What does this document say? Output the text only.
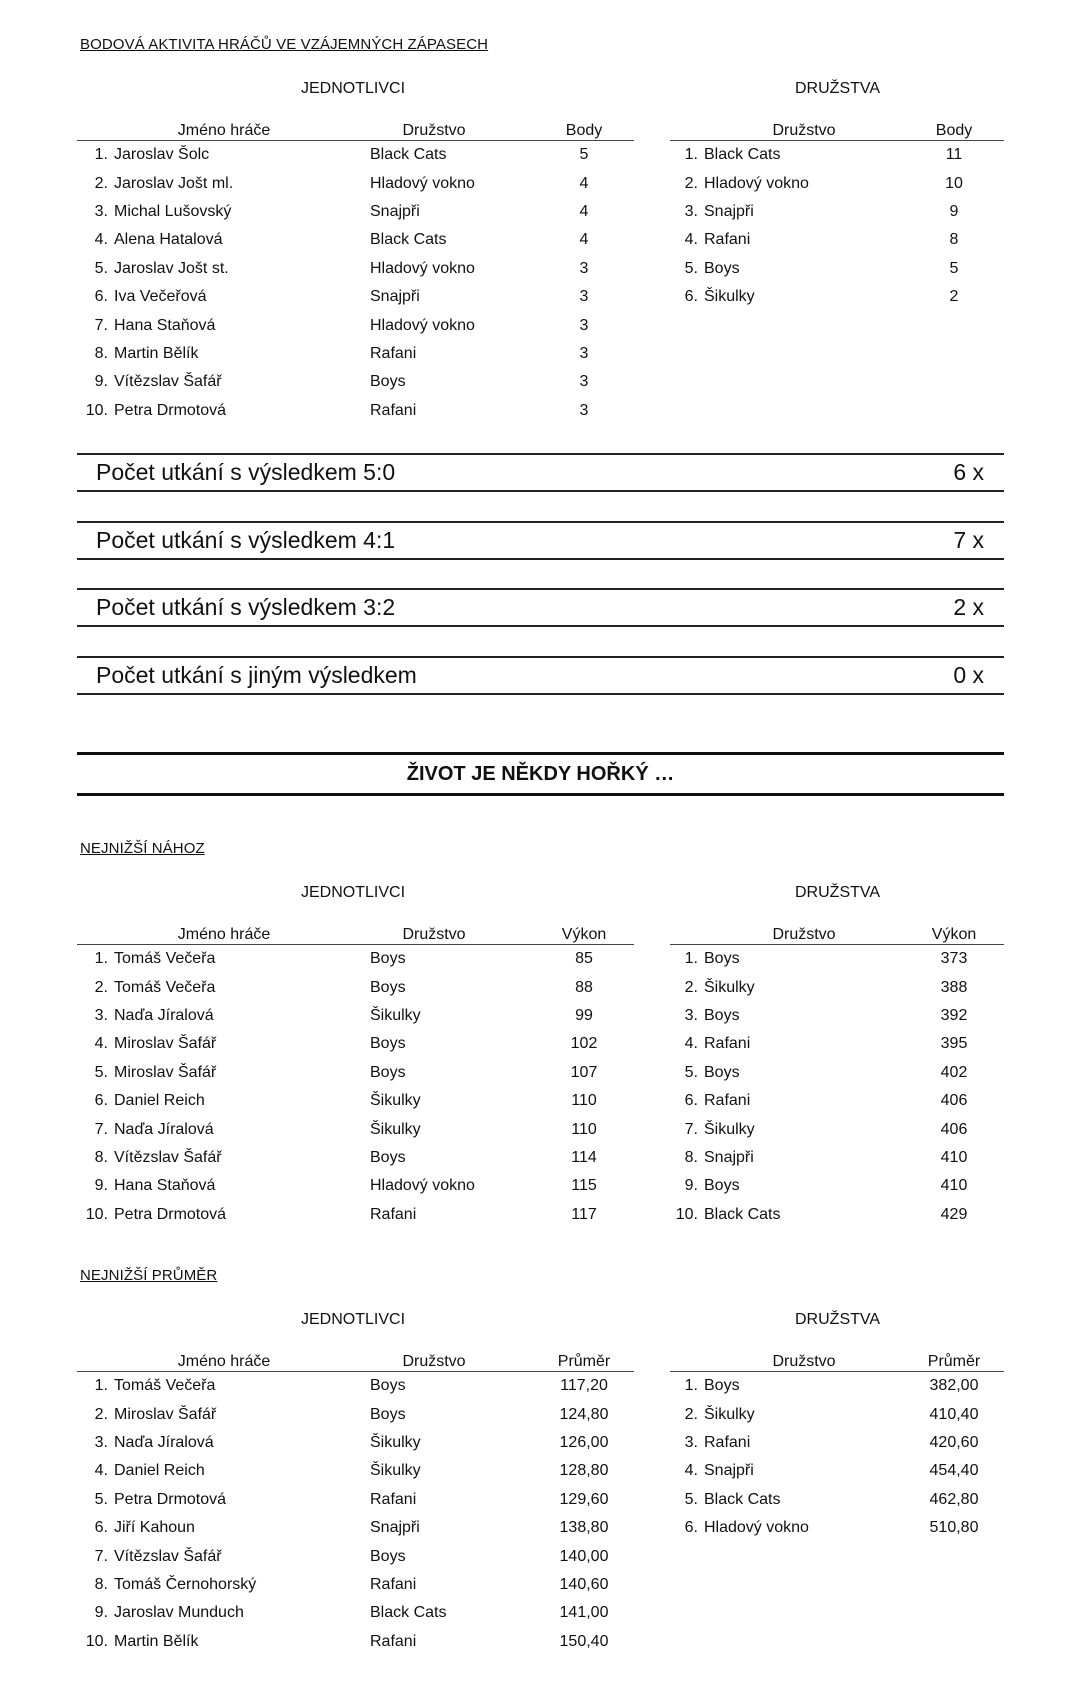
BODOVÁ AKTIVITA HRÁČŮ VE VZÁJEMNÝCH ZÁPASECH
JEDNOTLIVCI	DRUŽSTVA
	Jméno hráče	Družstvo	Body
1.	Jaroslav Šolc	Black Cats	5
2.	Jaroslav Jošt ml.	Hladový vokno	4
3.	Michal Lušovský	Snajpři	4
4.	Alena Hatalová	Black Cats	4
5.	Jaroslav Jošt st.	Hladový vokno	3
6.	Iva Večeřová	Snajpři	3
7.	Hana Staňová	Hladový vokno	3
8.	Martin Bělík	Rafani	3
9.	Vítězslav Šafář	Boys	3
10.	Petra Drmotová	Rafani	3
	Družstvo	Body
1.	Black Cats	11
2.	Hladový vokno	10
3.	Snajpři	9
4.	Rafani	8
5.	Boys	5
6.	Šikulky	2
Počet utkání s výsledkem 5:0	6 x
Počet utkání s výsledkem 4:1	7 x
Počet utkání s výsledkem 3:2	2 x
Počet utkání s jiným výsledkem	0 x
ŽIVOT JE NĚKDY HOŘKÝ …
NEJNIŽŠÍ NÁHOZ
JEDNOTLIVCI	DRUŽSTVA
	Jméno hráče	Družstvo	Výkon
1.	Tomáš Večeřa	Boys	85
2.	Tomáš Večeřa	Boys	88
3.	Naďa Jíralová	Šikulky	99
4.	Miroslav Šafář	Boys	102
5.	Miroslav Šafář	Boys	107
6.	Daniel Reich	Šikulky	110
7.	Naďa Jíralová	Šikulky	110
8.	Vítězslav Šafář	Boys	114
9.	Hana Staňová	Hladový vokno	115
10.	Petra Drmotová	Rafani	117
	Družstvo	Výkon
1.	Boys	373
2.	Šikulky	388
3.	Boys	392
4.	Rafani	395
5.	Boys	402
6.	Rafani	406
7.	Šikulky	406
8.	Snajpři	410
9.	Boys	410
10.	Black Cats	429
NEJNIŽŠÍ PRŮMĚR
JEDNOTLIVCI	DRUŽSTVA
	Jméno hráče	Družstvo	Průměr
1.	Tomáš Večeřa	Boys	117,20
2.	Miroslav Šafář	Boys	124,80
3.	Naďa Jíralová	Šikulky	126,00
4.	Daniel Reich	Šikulky	128,80
5.	Petra Drmotová	Rafani	129,60
6.	Jiří Kahoun	Snajpři	138,80
7.	Vítězslav Šafář	Boys	140,00
8.	Tomáš Černohorský	Rafani	140,60
9.	Jaroslav Munduch	Black Cats	141,00
10.	Martin Bělík	Rafani	150,40
	Družstvo	Průměr
1.	Boys	382,00
2.	Šikulky	410,40
3.	Rafani	420,60
4.	Snajpři	454,40
5.	Black Cats	462,80
6.	Hladový vokno	510,80
